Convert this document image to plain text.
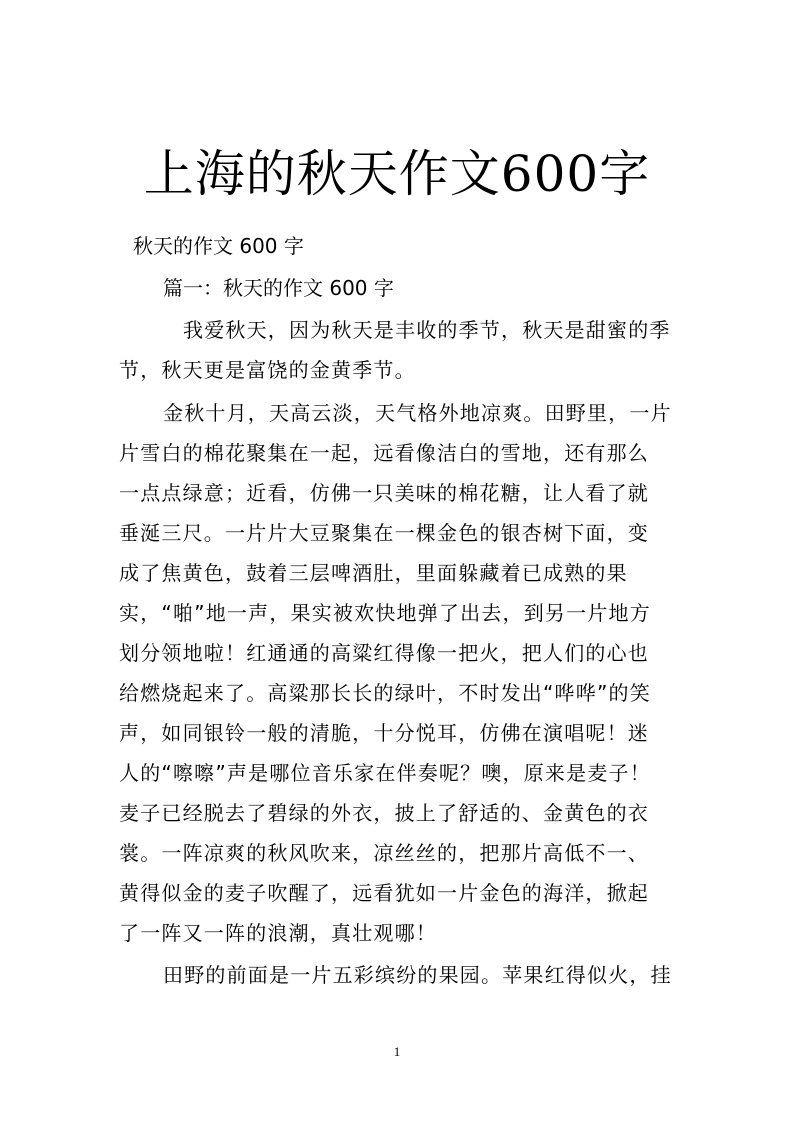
上海的秋天作文600字
秋天的作文 600 字
篇一：秋天的作文 600 字
我爱秋天，因为秋天是丰收的季节，秋天是甜蜜的季
节，秋天更是富饶的金黄季节。
金秋十月，天高云淡，天气格外地凉爽。田野里，一片
片雪白的棉花聚集在一起，远看像洁白的雪地，还有那么
一点点绿意；近看，仿佛一只美味的棉花糖，让人看了就
垂涎三尺。一片片大豆聚集在一棵金色的银杏树下面，变
成了焦黄色，鼓着三层啤酒肚，里面躲藏着已成熟的果
实，“啪”地一声，果实被欢快地弹了出去，到另一片地方
划分领地啦！红通通的高粱红得像一把火，把人们的心也
给燃烧起来了。高粱那长长的绿叶，不时发出“哗哗”的笑
声，如同银铃一般的清脆，十分悦耳，仿佛在演唱呢！迷
人的“嚓嚓”声是哪位音乐家在伴奏呢？噢，原来是麦子！
麦子已经脱去了碧绿的外衣，披上了舒适的、金黄色的衣
裳。一阵凉爽的秋风吹来，凉丝丝的，把那片高低不一、
黄得似金的麦子吹醒了，远看犹如一片金色的海洋，掀起
了一阵又一阵的浪潮，真壮观哪！
田野的前面是一片五彩缤纷的果园。苹果红得似火，挂
1
